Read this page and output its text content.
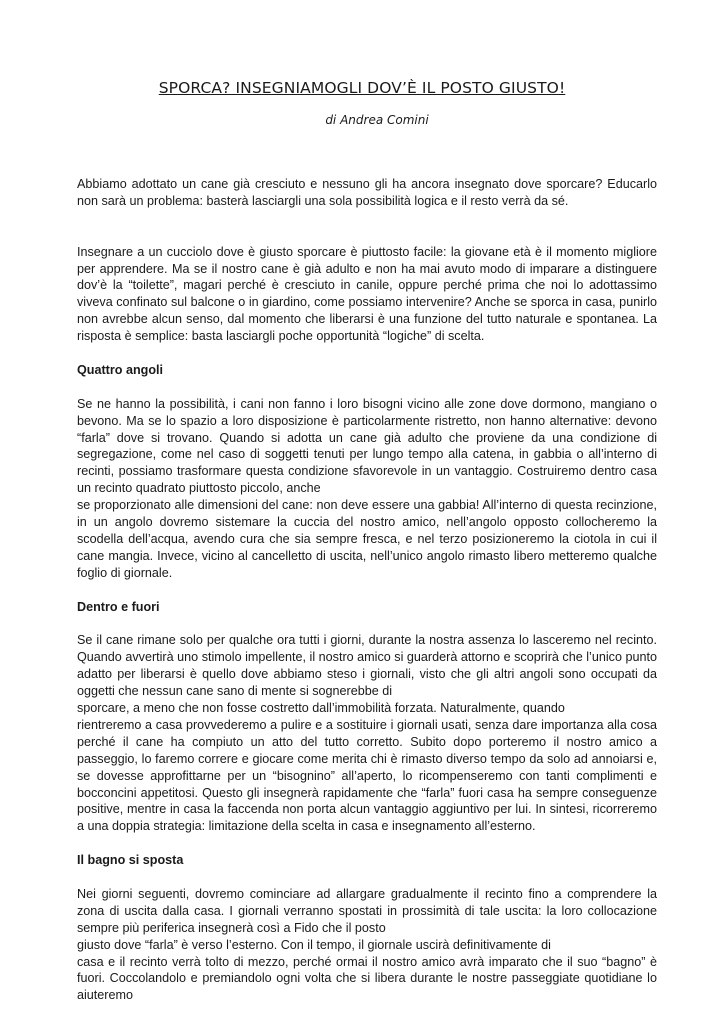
SPORCA? INSEGNIAMOGLI DOV’È IL POSTO GIUSTO!
di Andrea Comini

Abbiamo adottato un cane già cresciuto e nessuno gli ha ancora insegnato dove sporcare? Educarlo non sarà un problema: basterà lasciargli una sola possibilità logica e il resto verrà da sé.

Insegnare a un cucciolo dove è giusto sporcare è piuttosto facile: la giovane età è il momento migliore per apprendere. Ma se il nostro cane è già adulto e non ha mai avuto modo di imparare a distinguere dov’è la “toilette”, magari perché è cresciuto in canile, oppure perché prima che noi lo adottassimo viveva confinato sul balcone o in giardino, come possiamo intervenire? Anche se sporca in casa, punirlo non avrebbe alcun senso, dal momento che liberarsi è una funzione del tutto naturale e spontanea. La risposta è semplice: basta lasciargli poche opportunità “logiche” di scelta.

Quattro angoli

Se ne hanno la possibilità, i cani non fanno i loro bisogni vicino alle zone dove dormono, mangiano o bevono. Ma se lo spazio a loro disposizione è particolarmente ristretto, non hanno alternative: devono “farla” dove si trovano. Quando si adotta un cane già adulto che proviene da una condizione di segregazione, come nel caso di soggetti tenuti per lungo tempo alla catena, in gabbia o all’interno di recinti, possiamo trasformare questa condizione sfavorevole in un vantaggio. Costruiremo dentro casa un recinto quadrato piuttosto piccolo, anche
se proporzionato alle dimensioni del cane: non deve essere una gabbia! All’interno di questa recinzione, in un angolo dovremo sistemare la cuccia del nostro amico, nell’angolo opposto collocheremo la scodella dell’acqua, avendo cura che sia sempre fresca, e nel terzo posizioneremo la ciotola in cui il cane mangia. Invece, vicino al cancelletto di uscita, nell’unico angolo rimasto libero metteremo qualche foglio di giornale.

Dentro e fuori

Se il cane rimane solo per qualche ora tutti i giorni, durante la nostra assenza lo lasceremo nel recinto. Quando avvertirà uno stimolo impellente, il nostro amico si guarderà attorno e scoprirà che l’unico punto adatto per liberarsi è quello dove abbiamo steso i giornali, visto che gli altri angoli sono occupati da oggetti che nessun cane sano di mente si sognerebbe di
sporcare, a meno che non fosse costretto dall’immobilità forzata. Naturalmente, quando
rientreremo a casa provvederemo a pulire e a sostituire i giornali usati, senza dare importanza alla cosa perché il cane ha compiuto un atto del tutto corretto. Subito dopo porteremo il nostro amico a passeggio, lo faremo correre e giocare come merita chi è rimasto diverso tempo da solo ad annoiarsi e, se dovesse approfittarne per un “bisognino” all’aperto, lo ricompenseremo con tanti complimenti e bocconcini appetitosi. Questo gli insegnerà rapidamente che “farla” fuori casa ha sempre conseguenze positive, mentre in casa la faccenda non porta alcun vantaggio aggiuntivo per lui. In sintesi, ricorreremo a una doppia strategia: limitazione della scelta in casa e insegnamento all’esterno.

Il bagno si sposta

Nei giorni seguenti, dovremo cominciare ad allargare gradualmente il recinto fino a comprendere la zona di uscita dalla casa. I giornali verranno spostati in prossimità di tale uscita: la loro collocazione sempre più periferica insegnerà così a Fido che il posto
giusto dove “farla” è verso l’esterno. Con il tempo, il giornale uscirà definitivamente di
casa e il recinto verrà tolto di mezzo, perché ormai il nostro amico avrà imparato che il suo “bagno” è fuori. Coccolandolo e premiandolo ogni volta che si libera durante le nostre passeggiate quotidiane lo aiuteremo
